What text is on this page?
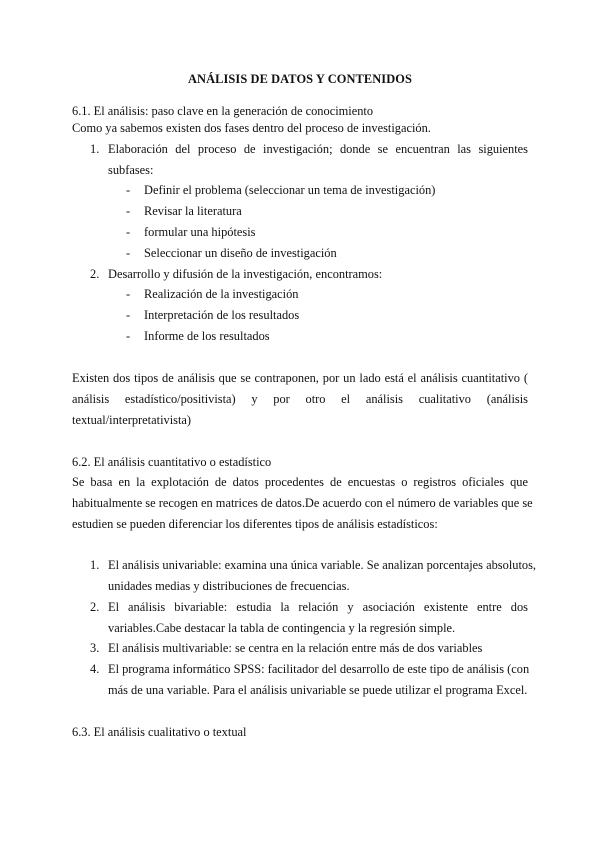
ANÁLISIS DE DATOS Y CONTENIDOS
6.1. El análisis: paso clave en la generación de conocimiento
Como ya sabemos existen dos fases dentro del proceso de investigación.
1. Elaboración del proceso de investigación; donde se encuentran las siguientes
subfases:
- Definir el problema (seleccionar un tema de investigación)
- Revisar la literatura
- formular una hipótesis
- Seleccionar un diseño de investigación
2. Desarrollo y difusión de la investigación, encontramos:
- Realización de la investigación
- Interpretación de los resultados
- Informe de los resultados
Existen dos tipos de análisis que se contraponen, por un lado está el análisis cuantitativo (
análisis estadístico/positivista) y por otro el análisis cualitativo (análisis
textual/interpretativista)
6.2. El análisis cuantitativo o estadístico
Se basa en la explotación de datos procedentes de encuestas o registros oficiales que
habitualmente se recogen en matrices de datos.De acuerdo con el número de variables que se
estudien se pueden diferenciar los diferentes tipos de análisis estadísticos:
1. El análisis univariable: examina una única variable. Se analizan porcentajes absolutos,
unidades medias y distribuciones de frecuencias.
2. El análisis bivariable: estudia la relación y asociación existente entre dos
variables.Cabe destacar la tabla de contingencia y la regresión simple.
3. El análisis multivariable: se centra en la relación entre más de dos variables
4. El programa informático SPSS: facilitador del desarrollo de este tipo de análisis (con
más de una variable. Para el análisis univariable se puede utilizar el programa Excel.
6.3. El análisis cualitativo o textual
